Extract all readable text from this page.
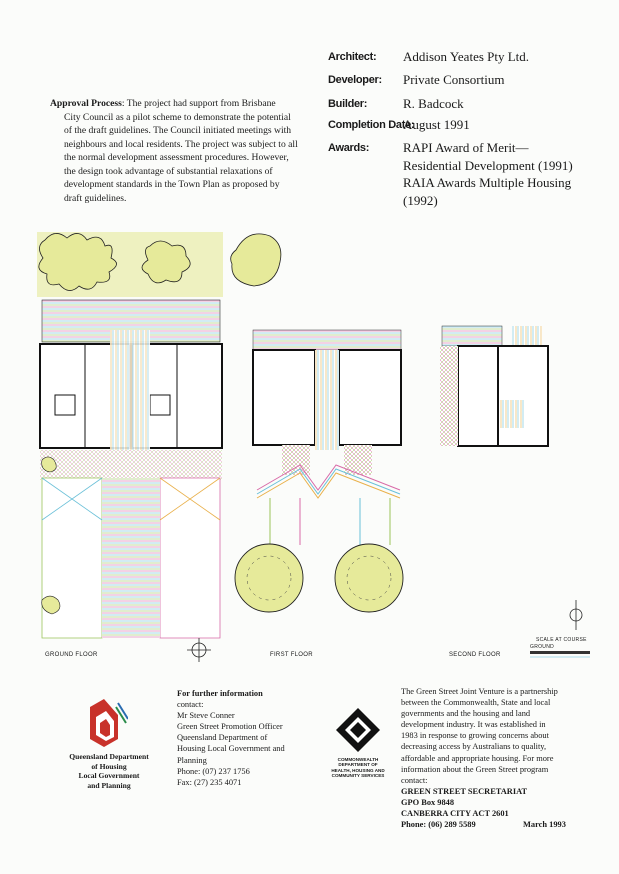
Architect: Addison Yeates Pty Ltd.
Developer: Private Consortium
Builder:	R. Badcock
Completion Date:
August 1991
Awards:	RAPI Award of Merit—
Residential Development (1991)
RAIA Awards Multiple Housing
(1992)
Approval Process: The project had support from Brisbane
City Council as a pilot scheme to demonstrate the potential
of the draft guidelines. The Council initiated meetings with
neighbours and local residents. The project was subject to all
the normal development assessment procedures. However,
the design took advantage of substantial relaxations of
development standards in the Town Plan as proposed by
draft guidelines.
GROUND FLOOR	FIRST FLOOR	SECOND FLOOR
SCALE AT COURSE
GROUND
Queensland Department
of Housing
Local Government
and Planning
For further information
contact:
Mr Steve Conner
Green Street Promotion Officer
Queensland Department of
Housing Local Government and
Planning
Phone: (07) 237 1756
Fax: (27) 235 4071
COMMONWEALTH
DEPARTMENT OF
HEALTH, HOUSING AND
COMMUNITY SERVICES
The Green Street Joint Venture is a partnership
between the Commonwealth, State and local
governments and the housing and land
development industry. It was established in
1983 in response to growing concerns about
decreasing access by Australians to quality,
affordable and appropriate housing. For more
information about the Green Street program
contact:
GREEN STREET SECRETARIAT
GPO Box 9848
CANBERRA CITY ACT 2601
Phone: (06) 289 5589	March 1993
